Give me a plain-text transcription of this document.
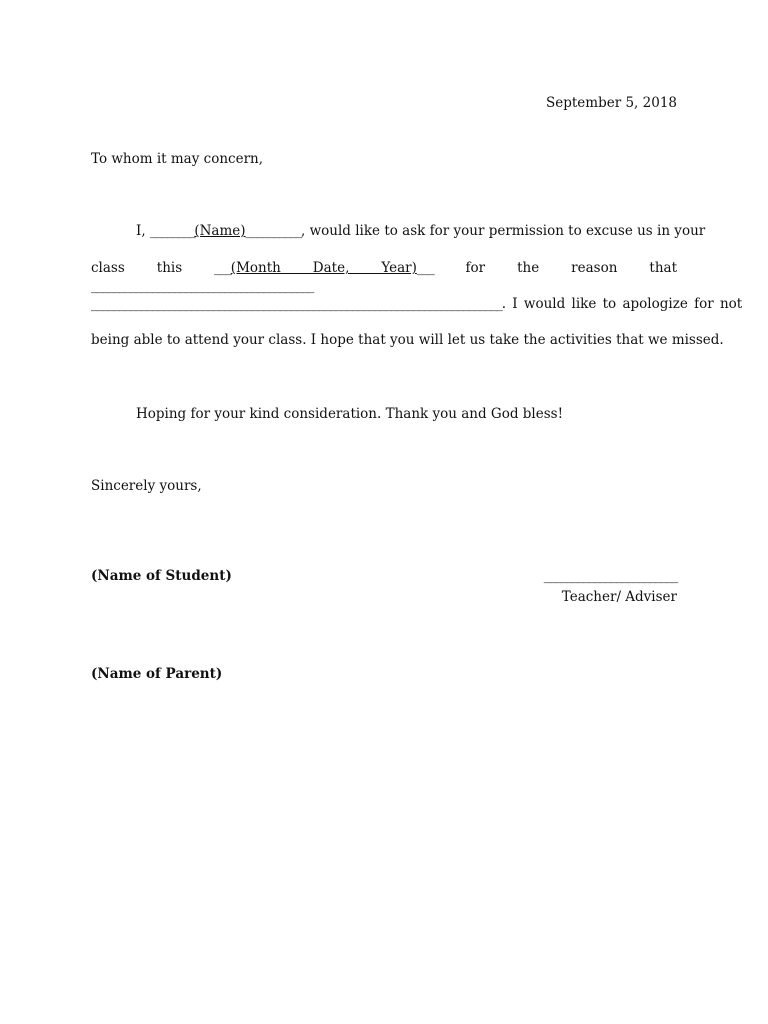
September 5, 2018
To whom it may concern,
I, ________(Name)__________, would like to ask for your permission to excuse us in your
class this ___(Month Date, Year)___ for the reason that ________________________________________
__________________________________________________________________________. I would like to apologize for not
being able to attend your class. I hope that you will let us take the activities that we missed.
Hoping for your kind consideration. Thank you and God bless!
Sincerely yours,
(Name of Student)	________________________
Teacher/ Adviser
(Name of Parent)
